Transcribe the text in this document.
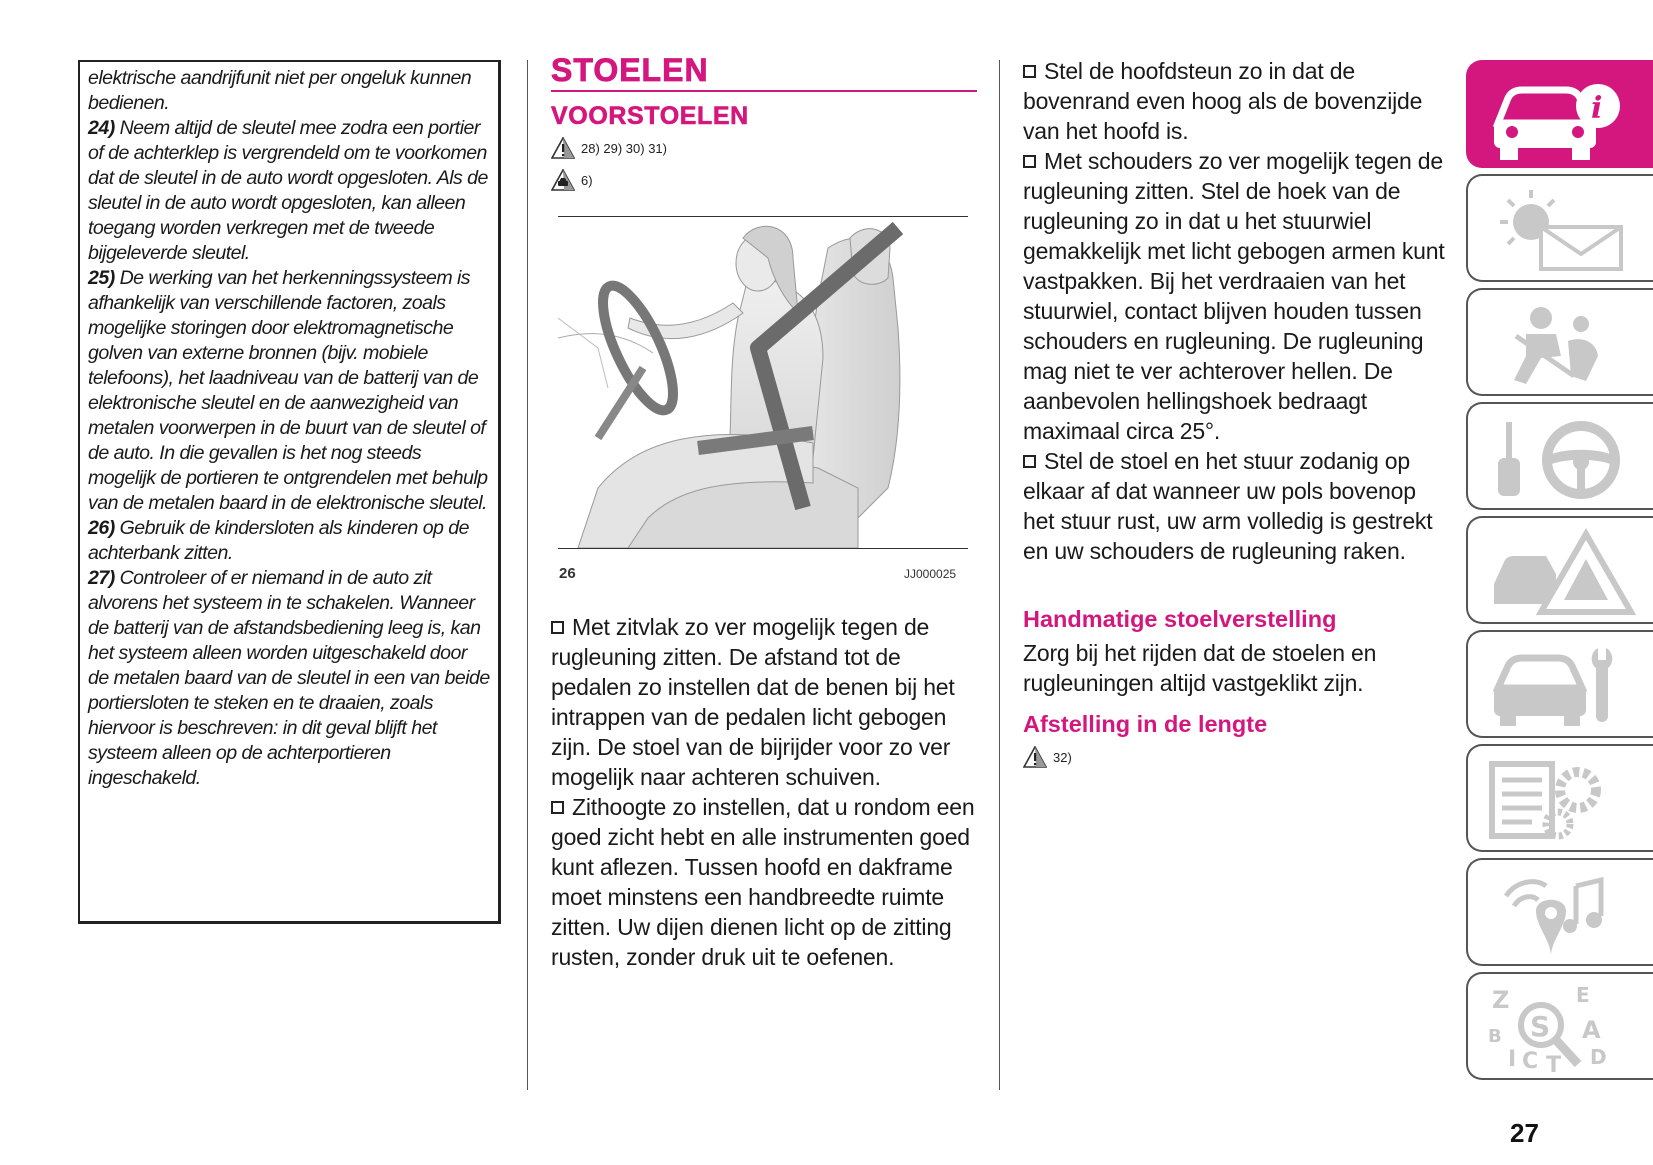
elektrische aandrijfunit niet per ongeluk kunnen bedienen.

24) Neem altijd de sleutel mee zodra een portier of de achterklep is vergrendeld om te voorkomen dat de sleutel in de auto wordt opgesloten. Als de sleutel in de auto wordt opgesloten, kan alleen toegang worden verkregen met de tweede bijgeleverde sleutel.

25) De werking van het herkenningssysteem is afhankelijk van verschillende factoren, zoals mogelijke storingen door elektromagnetische golven van externe bronnen (bijv. mobiele telefoons), het laadniveau van de batterij van de elektronische sleutel en de aanwezigheid van metalen voorwerpen in de buurt van de sleutel of de auto. In die gevallen is het nog steeds mogelijk de portieren te ontgrendelen met behulp van de metalen baard in de elektronische sleutel.

26) Gebruik de kindersloten als kinderen op de achterbank zitten.

27) Controleer of er niemand in de auto zit alvorens het systeem in te schakelen. Wanneer de batterij van de afstandsbediening leeg is, kan het systeem alleen worden uitgeschakeld door de metalen baard van de sleutel in een van beide portiersloten te steken en te draaien, zoals hiervoor is beschreven: in dit geval blijft het systeem alleen op de achterportieren ingeschakeld.

STOELEN
VOORSTOELEN
28) 29) 30) 31)
6)
26	JJ000025

Met zitvlak zo ver mogelijk tegen de rugleuning zitten. De afstand tot de pedalen zo instellen dat de benen bij het intrappen van de pedalen licht gebogen zijn. De stoel van de bijrijder voor zo ver mogelijk naar achteren schuiven.

Zithoogte zo instellen, dat u rondom een goed zicht hebt en alle instrumenten goed kunt aflezen. Tussen hoofd en dakframe moet minstens een handbreedte ruimte zitten. Uw dijen dienen licht op de zitting rusten, zonder druk uit te oefenen.

Stel de hoofdsteun zo in dat de bovenrand even hoog als de bovenzijde van het hoofd is.

Met schouders zo ver mogelijk tegen de rugleuning zitten. Stel de hoek van de rugleuning zo in dat u het stuurwiel gemakkelijk met licht gebogen armen kunt vastpakken. Bij het verdraaien van het stuurwiel, contact blijven houden tussen schouders en rugleuning. De rugleuning mag niet te ver achterover hellen. De aanbevolen hellingshoek bedraagt maximaal circa 25°.

Stel de stoel en het stuur zodanig op elkaar af dat wanneer uw pols bovenop het stuur rust, uw arm volledig is gestrekt en uw schouders de rugleuning raken.

Handmatige stoelverstelling
Zorg bij het rijden dat de stoelen en rugleuningen altijd vastgeklikt zijn.
Afstelling in de lengte
32)
i
Z	E
B	A
I C T D
S
27
